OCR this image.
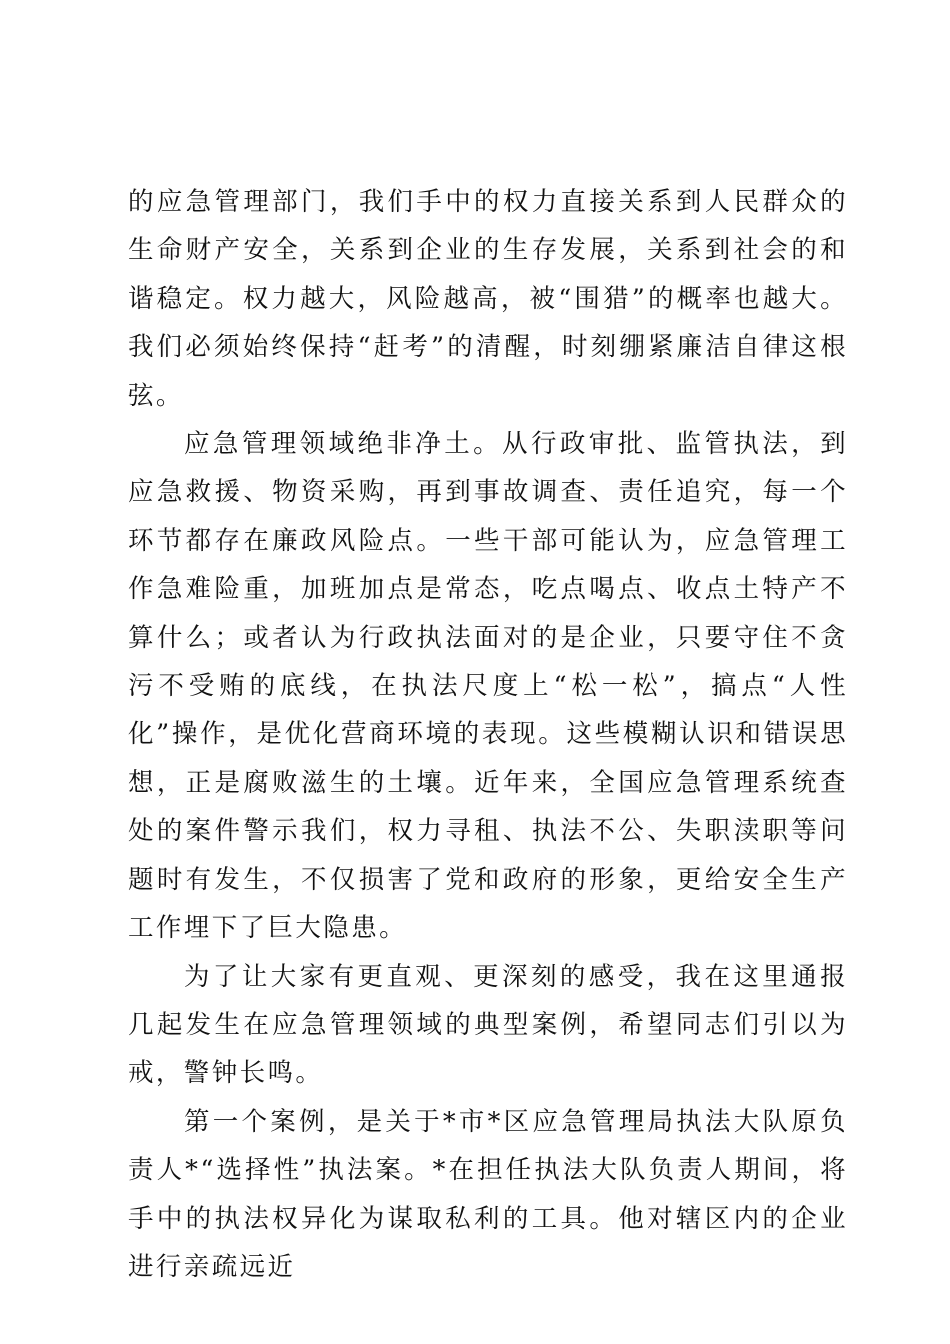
的应急管理部门，我们手中的权力直接关系到人民群众的生命财产安全，关系到企业的生存发展，关系到社会的和谐稳定。权力越大，风险越高，被“围猎”的概率也越大。我们必须始终保持“赶考”的清醒，时刻绷紧廉洁自律这根弦。

应急管理领域绝非净土。从行政审批、监管执法，到应急救援、物资采购，再到事故调查、责任追究，每一个环节都存在廉政风险点。一些干部可能认为，应急管理工作急难险重，加班加点是常态，吃点喝点、收点土特产不算什么；或者认为行政执法面对的是企业，只要守住不贪污不受贿的底线，在执法尺度上“松一松”，搞点“人性化”操作，是优化营商环境的表现。这些模糊认识和错误思想，正是腐败滋生的土壤。近年来，全国应急管理系统查处的案件警示我们，权力寻租、执法不公、失职渎职等问题时有发生，不仅损害了党和政府的形象，更给安全生产工作埋下了巨大隐患。

为了让大家有更直观、更深刻的感受，我在这里通报几起发生在应急管理领域的典型案例，希望同志们引以为戒，警钟长鸣。

第一个案例，是关于*市*区应急管理局执法大队原负责人*“选择性”执法案。*在担任执法大队负责人期间，将手中的执法权异化为谋取私利的工具。他对辖区内的企业进行亲疏远近
